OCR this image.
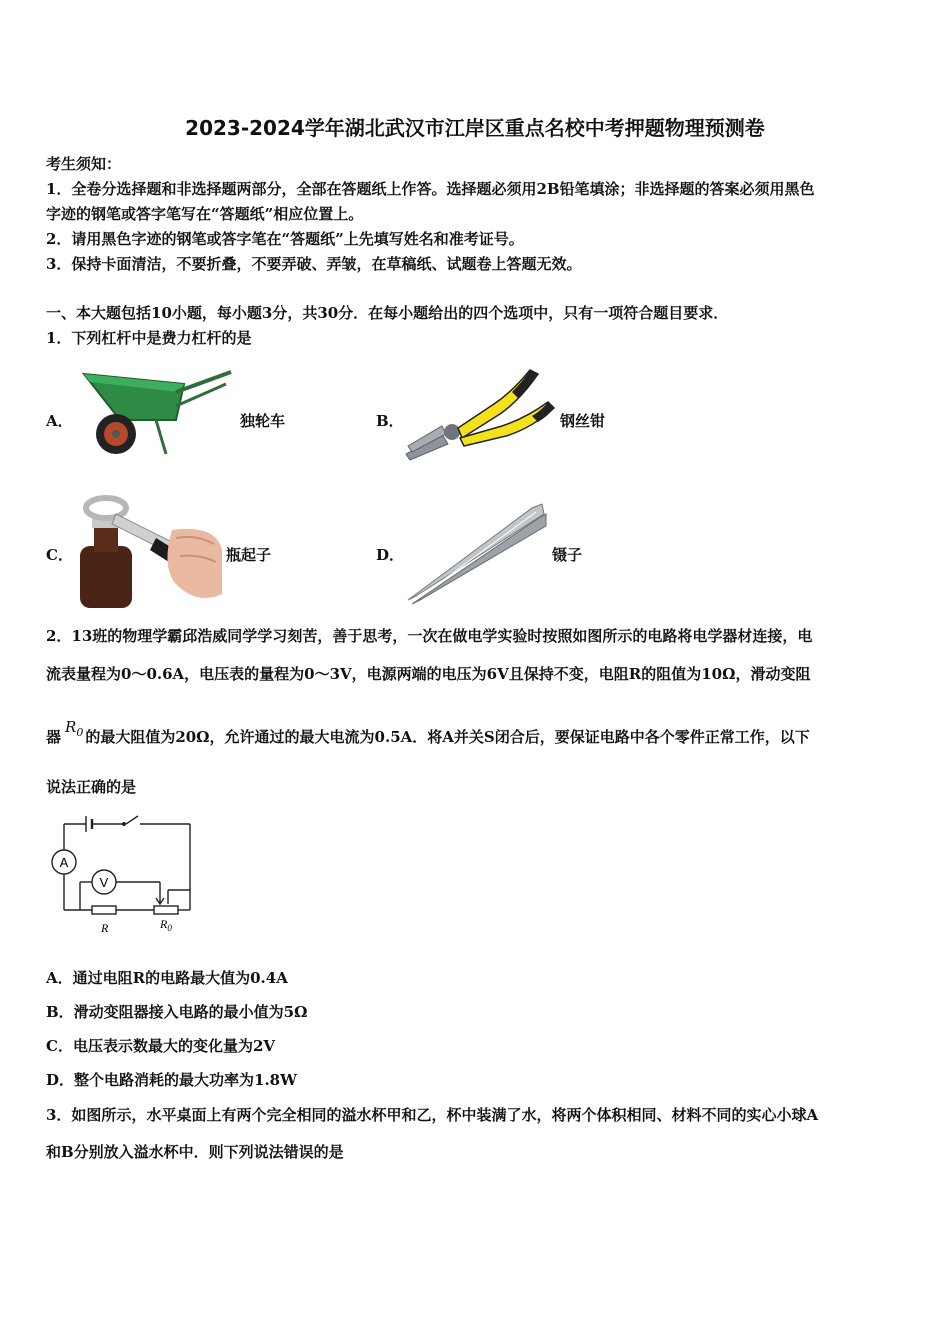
2023-2024学年湖北武汉市江岸区重点名校中考押题物理预测卷
考生须知：
1．全卷分选择题和非选择题两部分，全部在答题纸上作答。选择题必须用2B铅笔填涂；非选择题的答案必须用黑色
字迹的钢笔或答字笔写在“答题纸”相应位置上。
2．请用黑色字迹的钢笔或答字笔在“答题纸”上先填写姓名和准考证号。
3．保持卡面清洁，不要折叠，不要弄破、弄皱，在草稿纸、试题卷上答题无效。
一、本大题包括10小题，每小题3分，共30分．在每小题给出的四个选项中，只有一项符合题目要求．
1．下列杠杆中是费力杠杆的是
A．	独轮车	B．	钢丝钳
C．	瓶起子	D．	镊子
2．13班的物理学霸邱浩威同学学习刻苦，善于思考，一次在做电学实验时按照如图所示的电路将电学器材连接，电
流表量程为0～0.6A，电压表的量程为0～3V，电源两端的电压为6V且保持不变，电阻R的阻值为10Ω，滑动变阻
器$R_0$ 的最大阻值为20Ω，允许通过的最大电流为0.5A．将A并关S闭合后，要保证电路中各个零件正常工作，以下
说法正确的是
A
V
R	$R_0$
A．通过电阻R的电路最大值为0.4A
B．滑动变阻器接入电路的最小值为5Ω
C．电压表示数最大的变化量为2V
D．整个电路消耗的最大功率为1.8W
3．如图所示，水平桌面上有两个完全相同的溢水杯甲和乙，杯中装满了水，将两个体积相同、材料不同的实心小球A
和B分别放入溢水杯中．则下列说法错误的是
